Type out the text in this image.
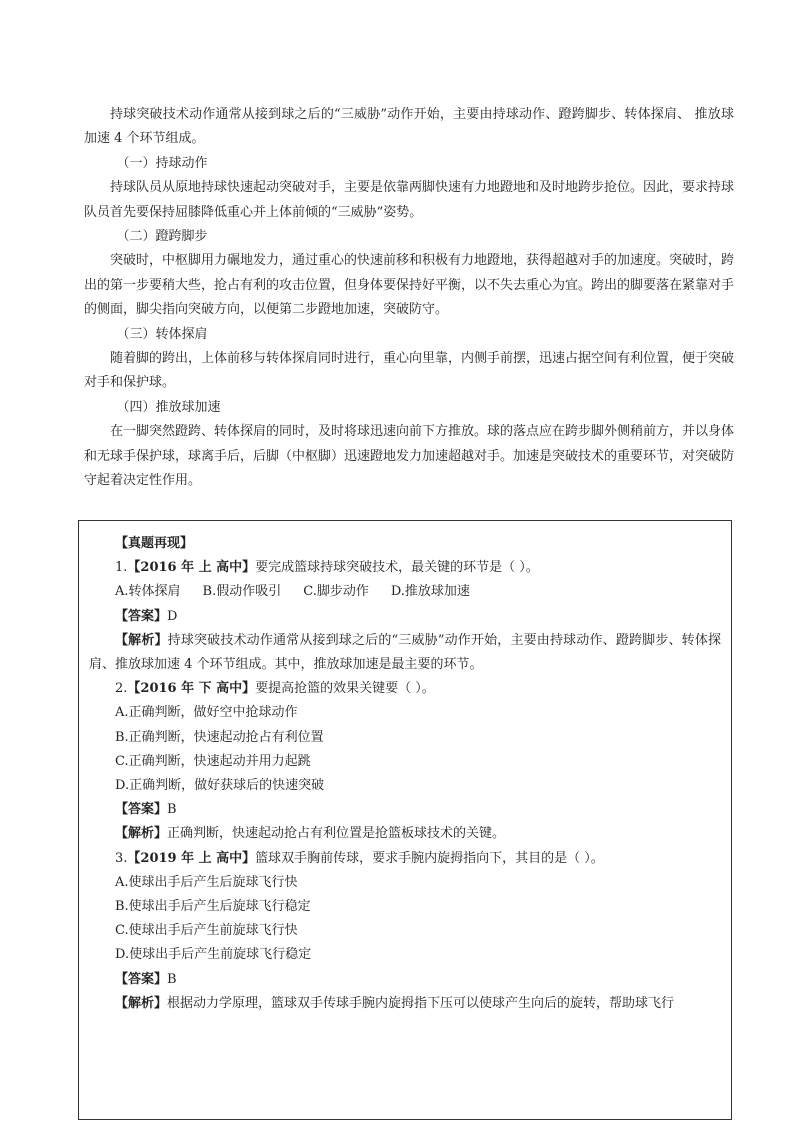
持球突破技术动作通常从接到球之后的“三威胁”动作开始，主要由持球动作、蹬跨脚步、转体探肩、 推放球加速 4 个环节组成。

（一）持球动作

持球队员从原地持球快速起动突破对手，主要是依靠两脚快速有力地蹬地和及时地跨步抢位。因此，要求持球队员首先要保持屈膝降低重心并上体前倾的“三威胁”姿势。

（二）蹬跨脚步

突破时，中枢脚用力碾地发力，通过重心的快速前移和积极有力地蹬地，获得超越对手的加速度。突破时，跨出的第一步要稍大些，抢占有利的攻击位置，但身体要保持好平衡，以不失去重心为宜。跨出的脚要落在紧靠对手的侧面，脚尖指向突破方向，以便第二步蹬地加速，突破防守。

（三）转体探肩

随着脚的跨出，上体前移与转体探肩同时进行，重心向里靠，内侧手前摆，迅速占据空间有利位置，便于突破对手和保护球。

（四）推放球加速

在一脚突然蹬跨、转体探肩的同时，及时将球迅速向前下方推放。球的落点应在跨步脚外侧稍前方，并以身体和无球手保护球，球离手后，后脚（中枢脚）迅速蹬地发力加速超越对手。加速是突破技术的重要环节，对突破防守起着决定性作用。

【真题再现】

1.【2016 年 上 高中】要完成篮球持球突破技术，最关键的环节是（ ）。

A.转体探肩 B.假动作吸引 C.脚步动作 D.推放球加速

【答案】D

【解析】持球突破技术动作通常从接到球之后的“三威胁”动作开始，主要由持球动作、蹬跨脚步、转体探肩、推放球加速 4 个环节组成。其中，推放球加速是最主要的环节。

2.【2016 年 下 高中】要提高抢篮的效果关键要（ ）。

A.正确判断，做好空中抢球动作

B.正确判断，快速起动抢占有利位置

C.正确判断，快速起动并用力起跳

D.正确判断，做好获球后的快速突破

【答案】B

【解析】正确判断，快速起动抢占有利位置是抢篮板球技术的关键。

3.【2019 年 上 高中】篮球双手胸前传球，要求手腕内旋拇指向下，其目的是（ ）。

A.使球出手后产生后旋球飞行快

B.使球出手后产生后旋球飞行稳定

C.使球出手后产生前旋球飞行快

D.使球出手后产生前旋球飞行稳定

【答案】B

【解析】根据动力学原理，篮球双手传球手腕内旋拇指下压可以使球产生向后的旋转，帮助球飞行
